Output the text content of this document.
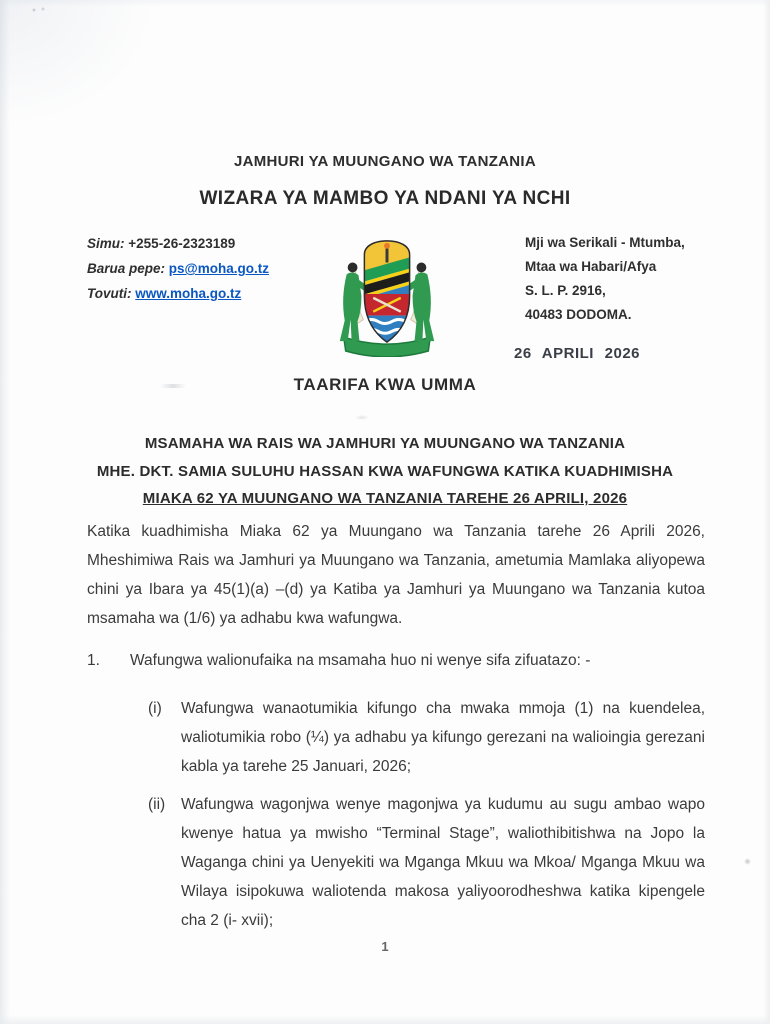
JAMHURI YA MUUNGANO WA TANZANIA
WIZARA YA MAMBO YA NDANI YA NCHI
Simu: +255-26-2323189
Barua pepe: ps@moha.go.tz
Tovuti: www.moha.go.tz
Mji wa Serikali - Mtumba,
Mtaa wa Habari/Afya
S. L. P. 2916,
40483 DODOMA.
26 APRILI 2026
TAARIFA KWA UMMA
MSAMAHA WA RAIS WA JAMHURI YA MUUNGANO WA TANZANIA
MHE. DKT. SAMIA SULUHU HASSAN KWA WAFUNGWA KATIKA KUADHIMISHA
MIAKA 62 YA MUUNGANO WA TANZANIA TAREHE 26 APRILI, 2026
Katika kuadhimisha Miaka 62 ya Muungano wa Tanzania tarehe 26 Aprili 2026, Mheshimiwa Rais wa Jamhuri ya Muungano wa Tanzania, ametumia Mamlaka aliyopewa chini ya Ibara ya 45(1)(a) –(d) ya Katiba ya Jamhuri ya Muungano wa Tanzania kutoa msamaha wa (1/6) ya adhabu kwa wafungwa.
1.	Wafungwa walionufaika na msamaha huo ni wenye sifa zifuatazo: -
(i)	Wafungwa wanaotumikia kifungo cha mwaka mmoja (1) na kuendelea, waliotumikia robo (¼) ya adhabu ya kifungo gerezani na walioingia gerezani kabla ya tarehe 25 Januari, 2026;
(ii)	Wafungwa wagonjwa wenye magonjwa ya kudumu au sugu ambao wapo kwenye hatua ya mwisho “Terminal Stage”, waliothibitishwa na Jopo la Waganga chini ya Uenyekiti wa Mganga Mkuu wa Mkoa/ Mganga Mkuu wa Wilaya isipokuwa waliotenda makosa yaliyoorodheshwa katika kipengele cha 2 (i- xvii);
1
